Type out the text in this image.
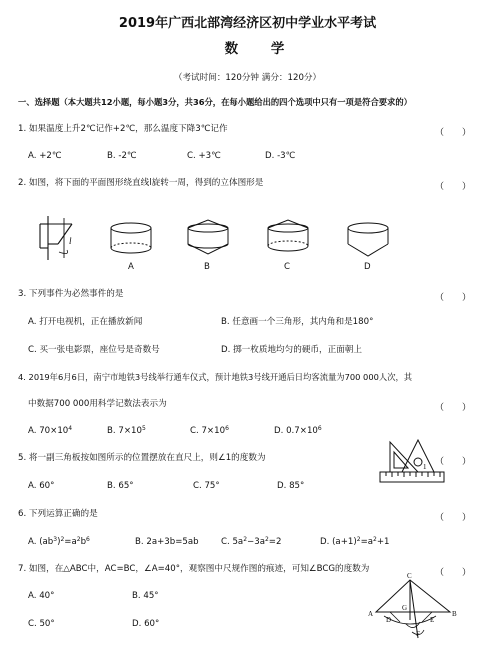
2019年广西北部湾经济区初中学业水平考试
数 学
（考试时间：120分钟 满分：120分）
一、选择题（本大题共12小题，每小题3分，共36分，在每小题给出的四个选项中只有一项是符合要求的）
1. 如果温度上升2℃记作+2℃，那么温度下降3℃记作	（　　）
A. +2℃	B. -2℃	C. +3℃	D. -3℃
2. 如图，将下面的平面图形绕直线l旋转一周，得到的立体图形是	（　　）
l
A	B	C	D
3. 下列事件为必然事件的是	（　　）
A. 打开电视机，正在播放新闻	B. 任意画一个三角形，其内角和是180°
C. 买一张电影票，座位号是奇数号	D. 掷一枚质地均匀的硬币，正面朝上
4. 2019年6月6日，南宁市地铁3号线举行通车仪式，预计地铁3号线开通后日均客流量为700 000人次，其
中数据700 000用科学记数法表示为	（　　）
A. $70\times 10^4$	B. $7\times 10^5$	C. $7\times 10^6$	D. $0.7\times 10^6$
5. 将一副三角板按如图所示的位置摆放在直尺上，则∠1的度数为	（　　）
A. 60°	B. 65°	C. 75°	D. 85°
1
6. 下列运算正确的是	（　　）
A. $(ab^3)^2=a^2b^6$	B. 2a+3b=5ab	C. $5a^2-3a^2=2$	D. $(a+1)^2=a^2+1$
7. 如图，在△ABC中，AC=BC，∠A=40°，观察图中尺规作图的痕迹，可知∠BCG的度数为	（　　）
A. 40°	B. 45°
C. 50°	D. 60°
C
A	B
G
D	E
F
